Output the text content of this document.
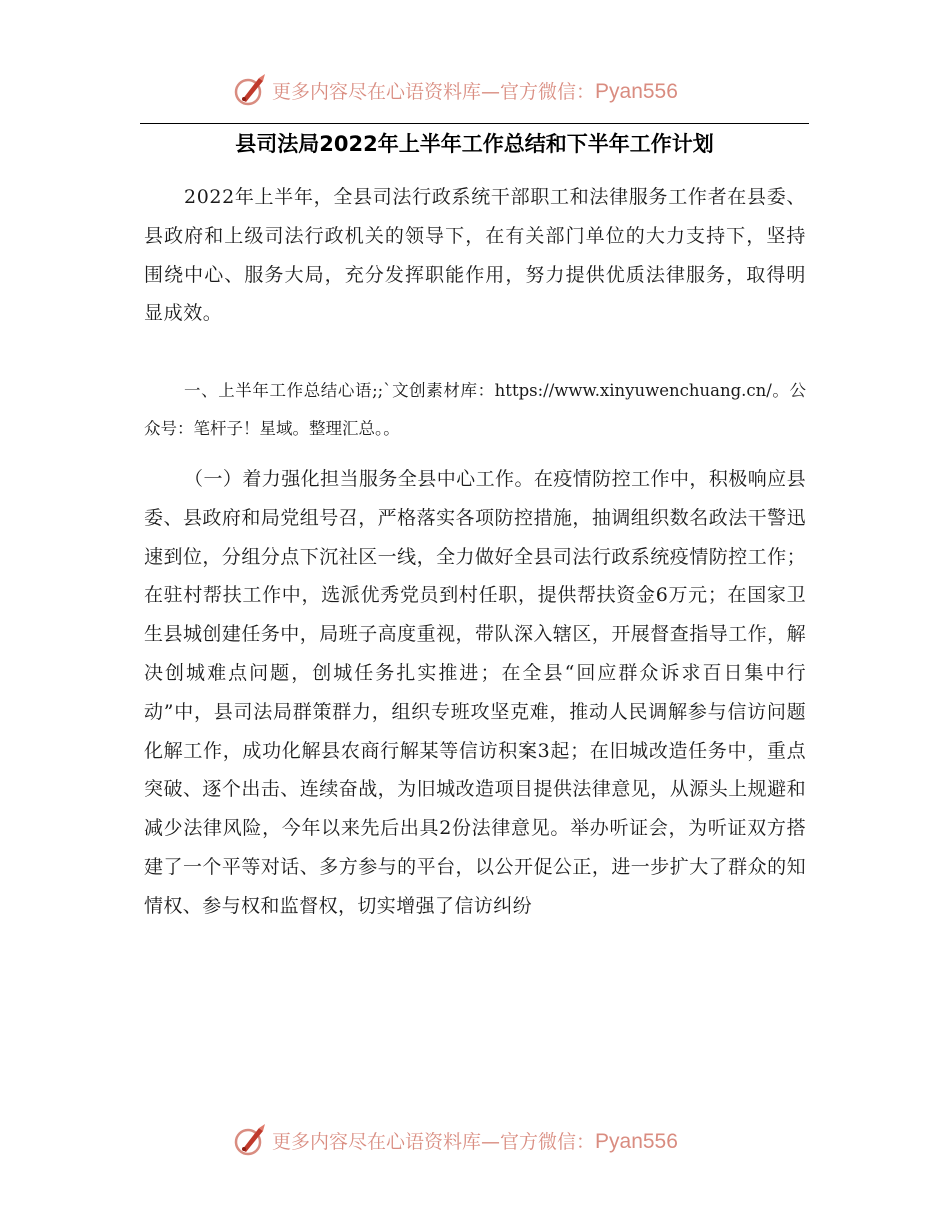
更多内容尽在心语资料库—官方微信：Pyan556
县司法局2022年上半年工作总结和下半年工作计划

2022年上半年，全县司法行政系统干部职工和法律服务工作者在县委、县政府和上级司法行政机关的领导下，在有关部门单位的大力支持下，坚持围绕中心、服务大局，充分发挥职能作用，努力提供优质法律服务，取得明显成效。

一、上半年工作总结心语;;`文创素材库：https://www.xinyuwenchuang.cn/。公众号：笔杆子！星域。整理汇总。。

（一）着力强化担当服务全县中心工作。在疫情防控工作中，积极响应县委、县政府和局党组号召，严格落实各项防控措施，抽调组织数名政法干警迅速到位，分组分点下沉社区一线，全力做好全县司法行政系统疫情防控工作；在驻村帮扶工作中，选派优秀党员到村任职，提供帮扶资金6万元；在国家卫生县城创建任务中，局班子高度重视，带队深入辖区，开展督查指导工作，解决创城难点问题，创城任务扎实推进；在全县“回应群众诉求百日集中行动”中，县司法局群策群力，组织专班攻坚克难，推动人民调解参与信访问题化解工作，成功化解县农商行解某等信访积案3起；在旧城改造任务中，重点突破、逐个出击、连续奋战，为旧城改造项目提供法律意见，从源头上规避和减少法律风险，今年以来先后出具2份法律意见。举办听证会，为听证双方搭建了一个平等对话、多方参与的平台，以公开促公正，进一步扩大了群众的知情权、参与权和监督权，切实增强了信访纠纷

更多内容尽在心语资料库—官方微信：Pyan556
